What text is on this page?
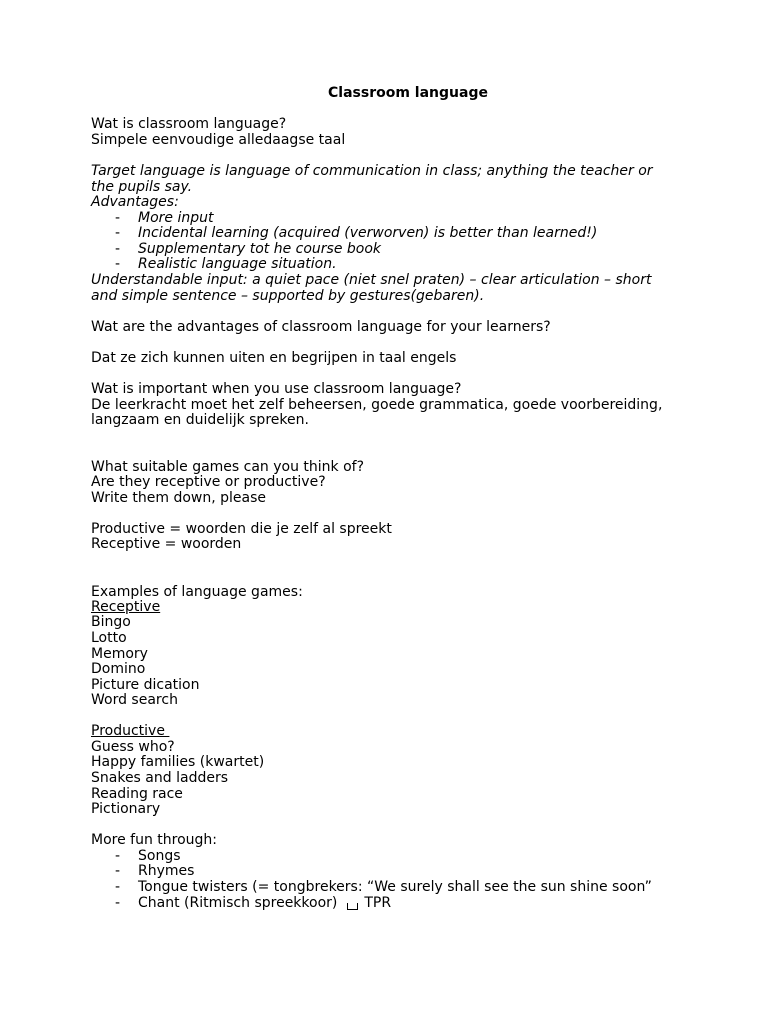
Classroom language
Wat is classroom language?
Simpele eenvoudige alledaagse taal
Target language is language of communication in class; anything the teacher or
the pupils say.
Advantages:
- More input
- Incidental learning (acquired (verworven) is better than learned!)
- Supplementary tot he course book
- Realistic language situation.
Understandable input: a quiet pace (niet snel praten) – clear articulation – short
and simple sentence – supported by gestures(gebaren).
Wat are the advantages of classroom language for your learners?
Dat ze zich kunnen uiten en begrijpen in taal engels
Wat is important when you use classroom language?
De leerkracht moet het zelf beheersen, goede grammatica, goede voorbereiding,
langzaam en duidelijk spreken.
What suitable games can you think of?
Are they receptive or productive?
Write them down, please
Productive = woorden die je zelf al spreekt
Receptive = woorden
Examples of language games:
Receptive
Bingo
Lotto
Memory
Domino
Picture dication
Word search
Productive
Guess who?
Happy families (kwartet)
Snakes and ladders
Reading race
Pictionary
More fun through:
- Songs
- Rhymes
- Tongue twisters (= tongbrekers: “We surely shall see the sun shine soon”
- Chant (Ritmisch spreekkoor) TPR
